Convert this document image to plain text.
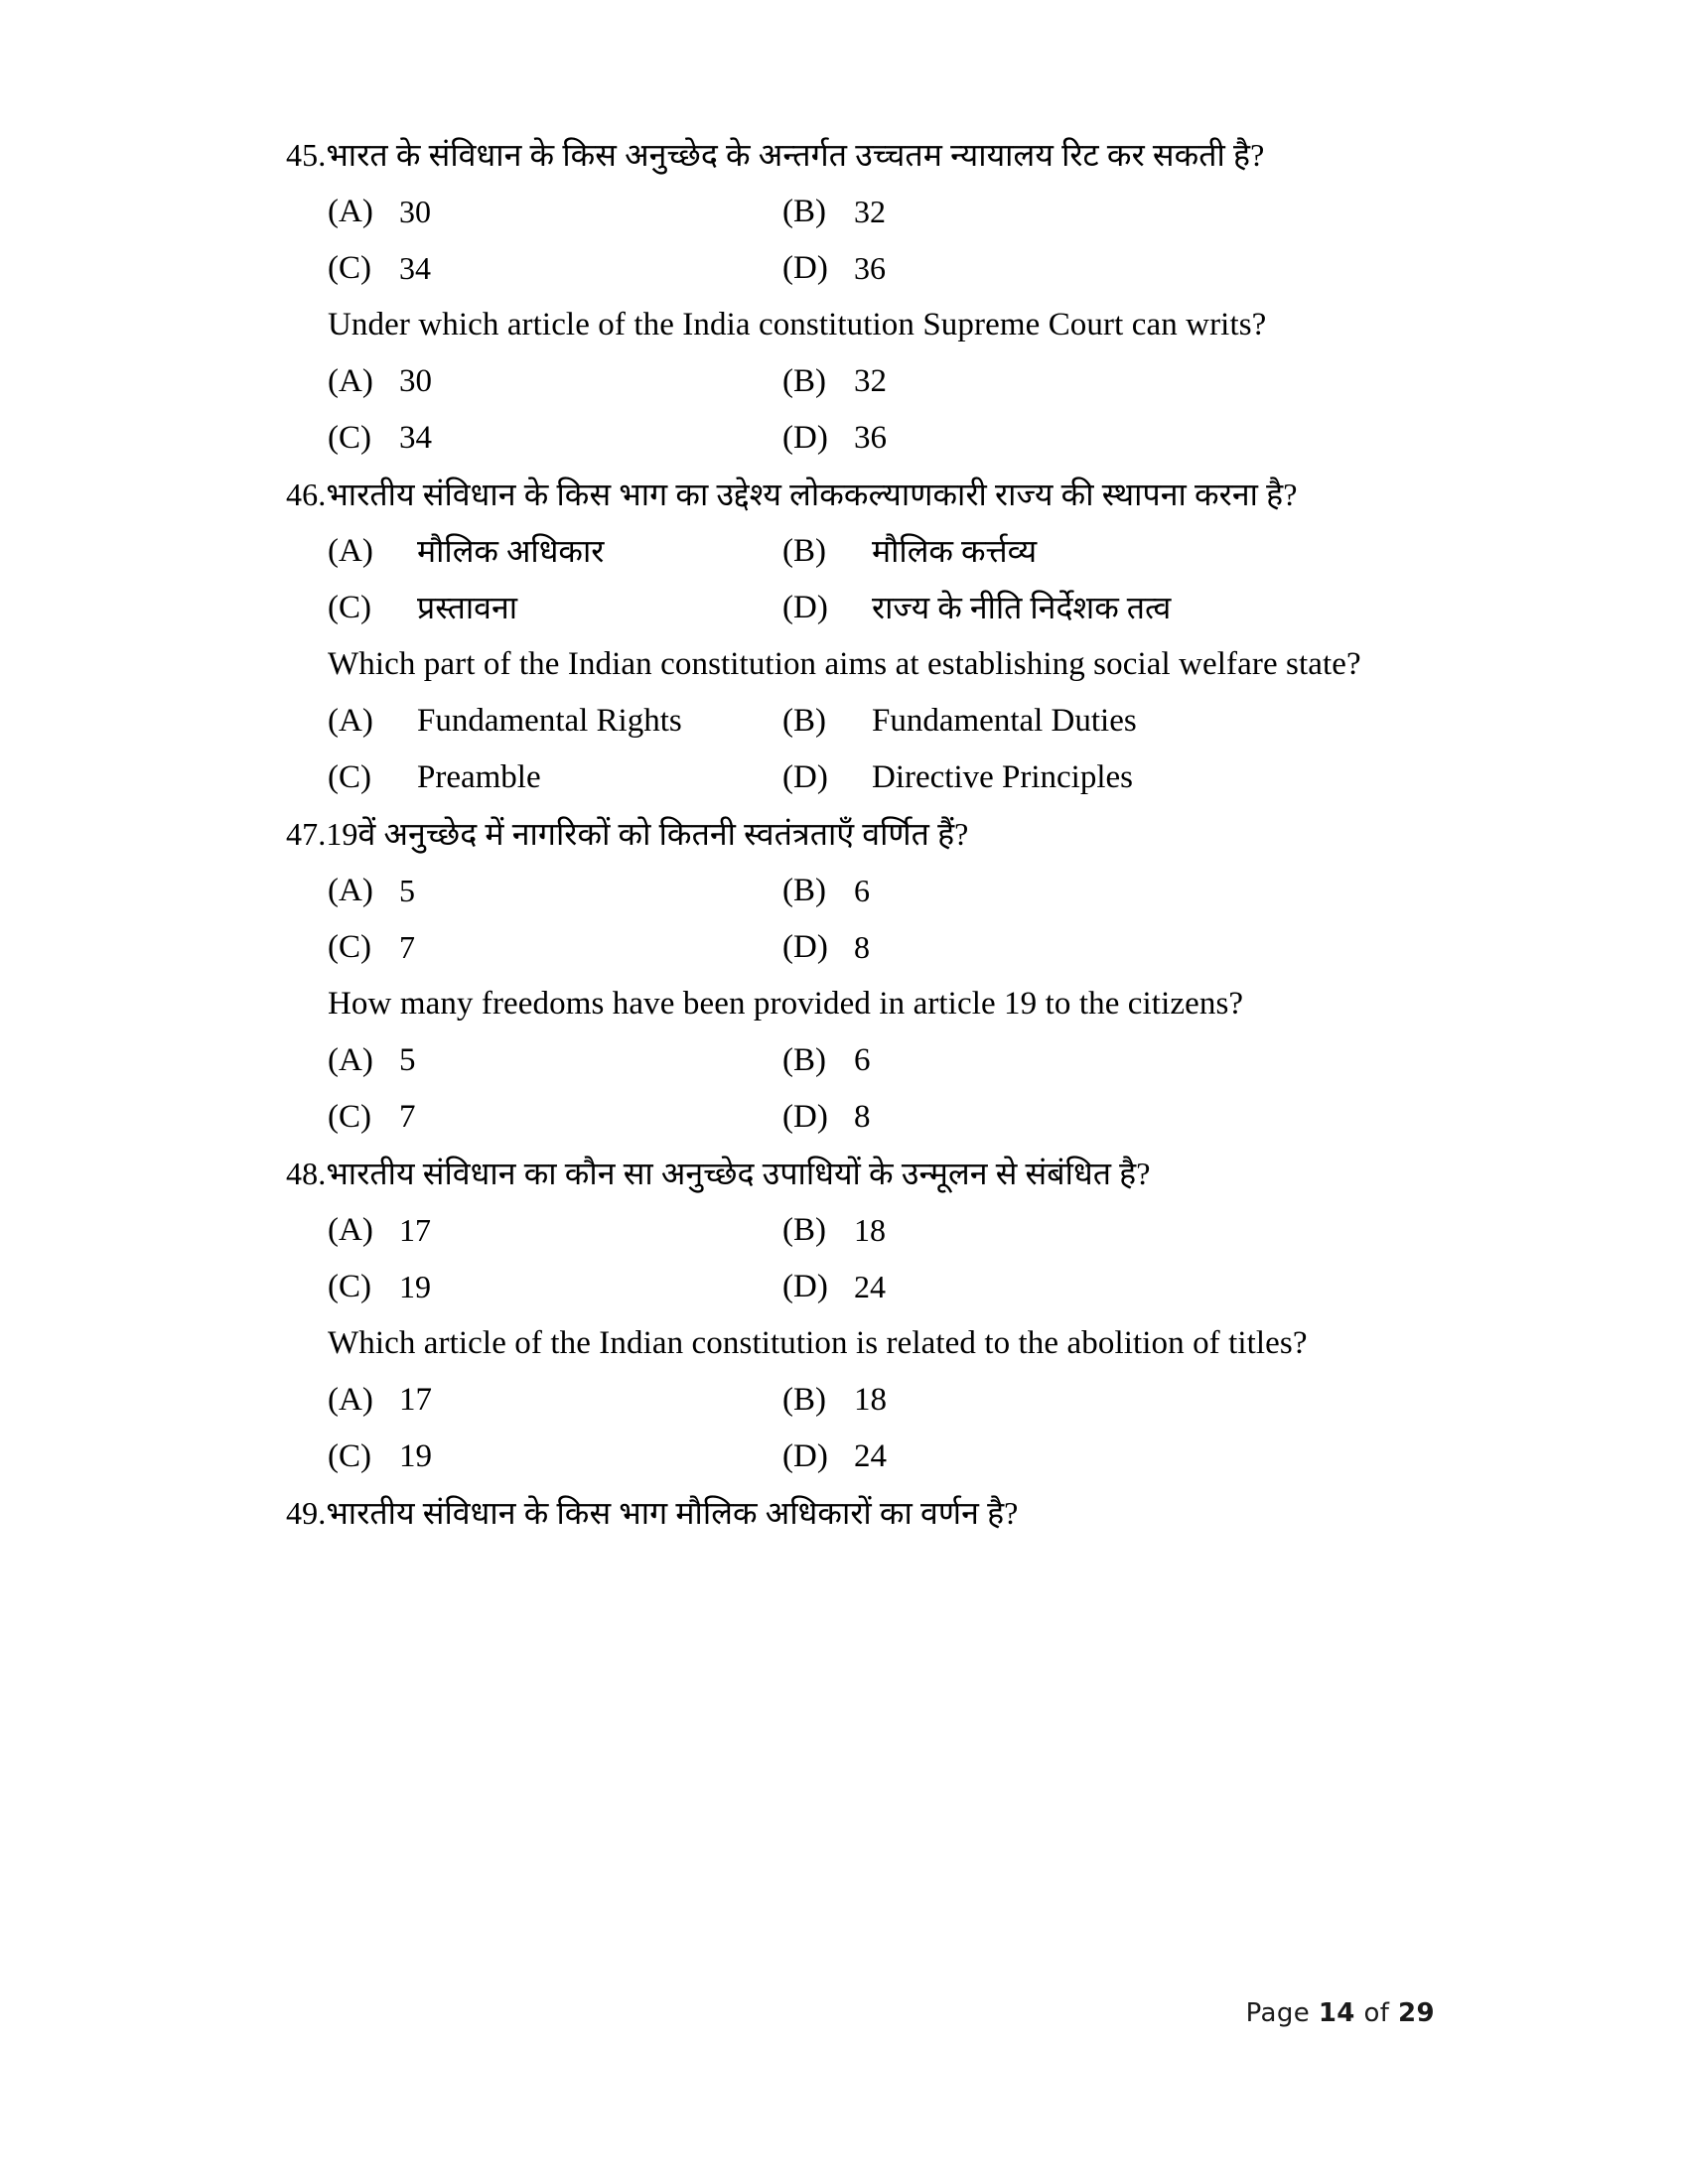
45.भारत के संविधान के किस अनुच्छेद के अन्तर्गत उच्चतम न्यायालय रिट कर सकती है?

(A) 30	(B) 32
(C) 34	(D) 36

Under which article of the India constitution Supreme Court can writs?

(A) 30	(B) 32
(C) 34	(D) 36

46.भारतीय संविधान के किस भाग का उद्देश्य लोककल्याणकारी राज्य की स्थापना करना है?

(A)	मौलिक अधिकार	(B)	मौलिक कर्त्तव्य
(C)	प्रस्तावना	(D)	राज्य के नीति निर्देशक तत्व

Which part of the Indian constitution aims at establishing social welfare state?

(A)	Fundamental Rights	(B)	Fundamental Duties
(C)	Preamble	(D)	Directive Principles

47.19वें अनुच्छेद में नागरिकों को कितनी स्वतंत्रताएँ वर्णित हैं?

(A) 5	(B) 6
(C) 7	(D) 8

How many freedoms have been provided in article 19 to the citizens?

(A) 5	(B) 6
(C) 7	(D) 8

48.भारतीय संविधान का कौन सा अनुच्छेद उपाधियों के उन्मूलन से संबंधित है?

(A) 17	(B) 18
(C) 19	(D) 24

Which article of the Indian constitution is related to the abolition of titles?

(A) 17	(B) 18
(C) 19	(D) 24

49.भारतीय संविधान के किस भाग मौलिक अधिकारों का वर्णन है?

Page 14 of 29
